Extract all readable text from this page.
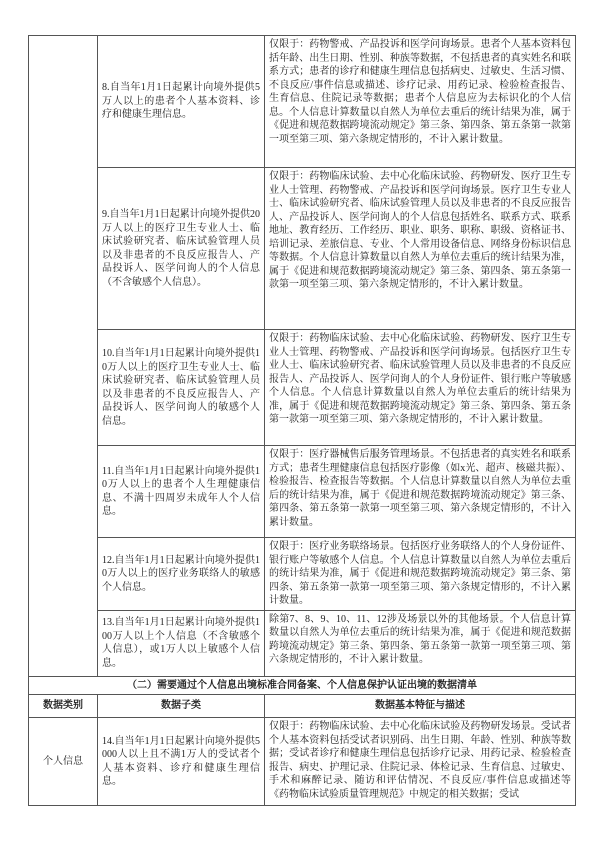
	8.自当年1月1日起累计向境外提供5万人以上的患者个人基本资料、诊疗和健康生理信息。	仅限于：药物警戒、产品投诉和医学问询场景。患者个人基本资料包括年龄、出生日期、性别、种族等数据，不包括患者的真实姓名和联系方式；患者的诊疗和健康生理信息包括病史、过敏史、生活习惯、不良反应/事件信息或描述、诊疗记录、用药记录、检验检查报告、生育信息、住院记录等数据；患者个人信息应为去标识化的个人信息。个人信息计算数量以自然人为单位去重后的统计结果为准，属于《促进和规范数据跨境流动规定》第三条、第四条、第五条第一款第一项至第三项、第六条规定情形的，不计入累计数量。
	9.自当年1月1日起累计向境外提供20万人以上的医疗卫生专业人士、临床试验研究者、临床试验管理人员以及非患者的不良反应报告人、产品投诉人、医学问询人的个人信息（不含敏感个人信息）。	仅限于：药物临床试验、去中心化临床试验、药物研发、医疗卫生专业人士管理、药物警戒、产品投诉和医学问询场景。医疗卫生专业人士、临床试验研究者、临床试验管理人员以及非患者的不良反应报告人、产品投诉人、医学问询人的个人信息包括姓名、联系方式、联系地址、教育经历、工作经历、职业、职务、职称、职级、资格证书、培训记录、差旅信息、专业、个人常用设备信息、网络身份标识信息等数据。个人信息计算数量以自然人为单位去重后的统计结果为准，属于《促进和规范数据跨境流动规定》第三条、第四条、第五条第一款第一项至第三项、第六条规定情形的，不计入累计数量。
	10.自当年1月1日起累计向境外提供10万人以上的医疗卫生专业人士、临床试验研究者、临床试验管理人员以及非患者的不良反应报告人、产品投诉人、医学问询人的敏感个人信息。	仅限于：药物临床试验、去中心化临床试验、药物研发、医疗卫生专业人士管理、药物警戒、产品投诉和医学问询场景。包括医疗卫生专业人士、临床试验研究者、临床试验管理人员以及非患者的不良反应报告人、产品投诉人、医学问询人的个人身份证件、银行账户等敏感个人信息。个人信息计算数量以自然人为单位去重后的统计结果为准，属于《促进和规范数据跨境流动规定》第三条、第四条、第五条第一款第一项至第三项、第六条规定情形的，不计入累计数量。
	11.自当年1月1日起累计向境外提供10万人以上的患者个人生理健康信息、不满十四周岁未成年人个人信息。	仅限于：医疗器械售后服务管理场景。不包括患者的真实姓名和联系方式；患者生理健康信息包括医疗影像（如x光、超声、核磁共振）、检验报告、检查报告等数据。个人信息计算数量以自然人为单位去重后的统计结果为准，属于《促进和规范数据跨境流动规定》第三条、第四条、第五条第一款第一项至第三项、第六条规定情形的，不计入累计数量。
	12.自当年1月1日起累计向境外提供10万人以上的医疗业务联络人的敏感个人信息。	仅限于：医疗业务联络场景。包括医疗业务联络人的个人身份证件、银行账户等敏感个人信息。个人信息计算数量以自然人为单位去重后的统计结果为准，属于《促进和规范数据跨境流动规定》第三条、第四条、第五条第一款第一项至第三项、第六条规定情形的，不计入累计数量。
	13.自当年1月1日起累计向境外提供100万人以上个人信息（不含敏感个人信息），或1万人以上敏感个人信息。	除第7、8、9、10、11、12涉及场景以外的其他场景。个人信息计算数量以自然人为单位去重后的统计结果为准，属于《促进和规范数据跨境流动规定》第三条、第四条、第五条第一款第一项至第三项、第六条规定情形的，不计入累计数量。
（二）需要通过个人信息出境标准合同备案、个人信息保护认证出境的数据清单		
数据类别	数据子类	数据基本特征与描述
个人信息	14.自当年1月1日起累计向境外提供5000人以上且不满1万人的受试者个人基本资料、诊疗和健康生理信息。	仅限于：药物临床试验、去中心化临床试验及药物研发场景。受试者个人基本资料包括受试者识别码、出生日期、年龄、性别、种族等数据；受试者诊疗和健康生理信息包括诊疗记录、用药记录、检验检查报告、病史、护理记录、住院记录、体检记录、生育信息、过敏史、手术和麻醉记录、随访和评估情况、不良反应/事件信息或描述等《药物临床试验质量管理规范》中规定的相关数据；受试
